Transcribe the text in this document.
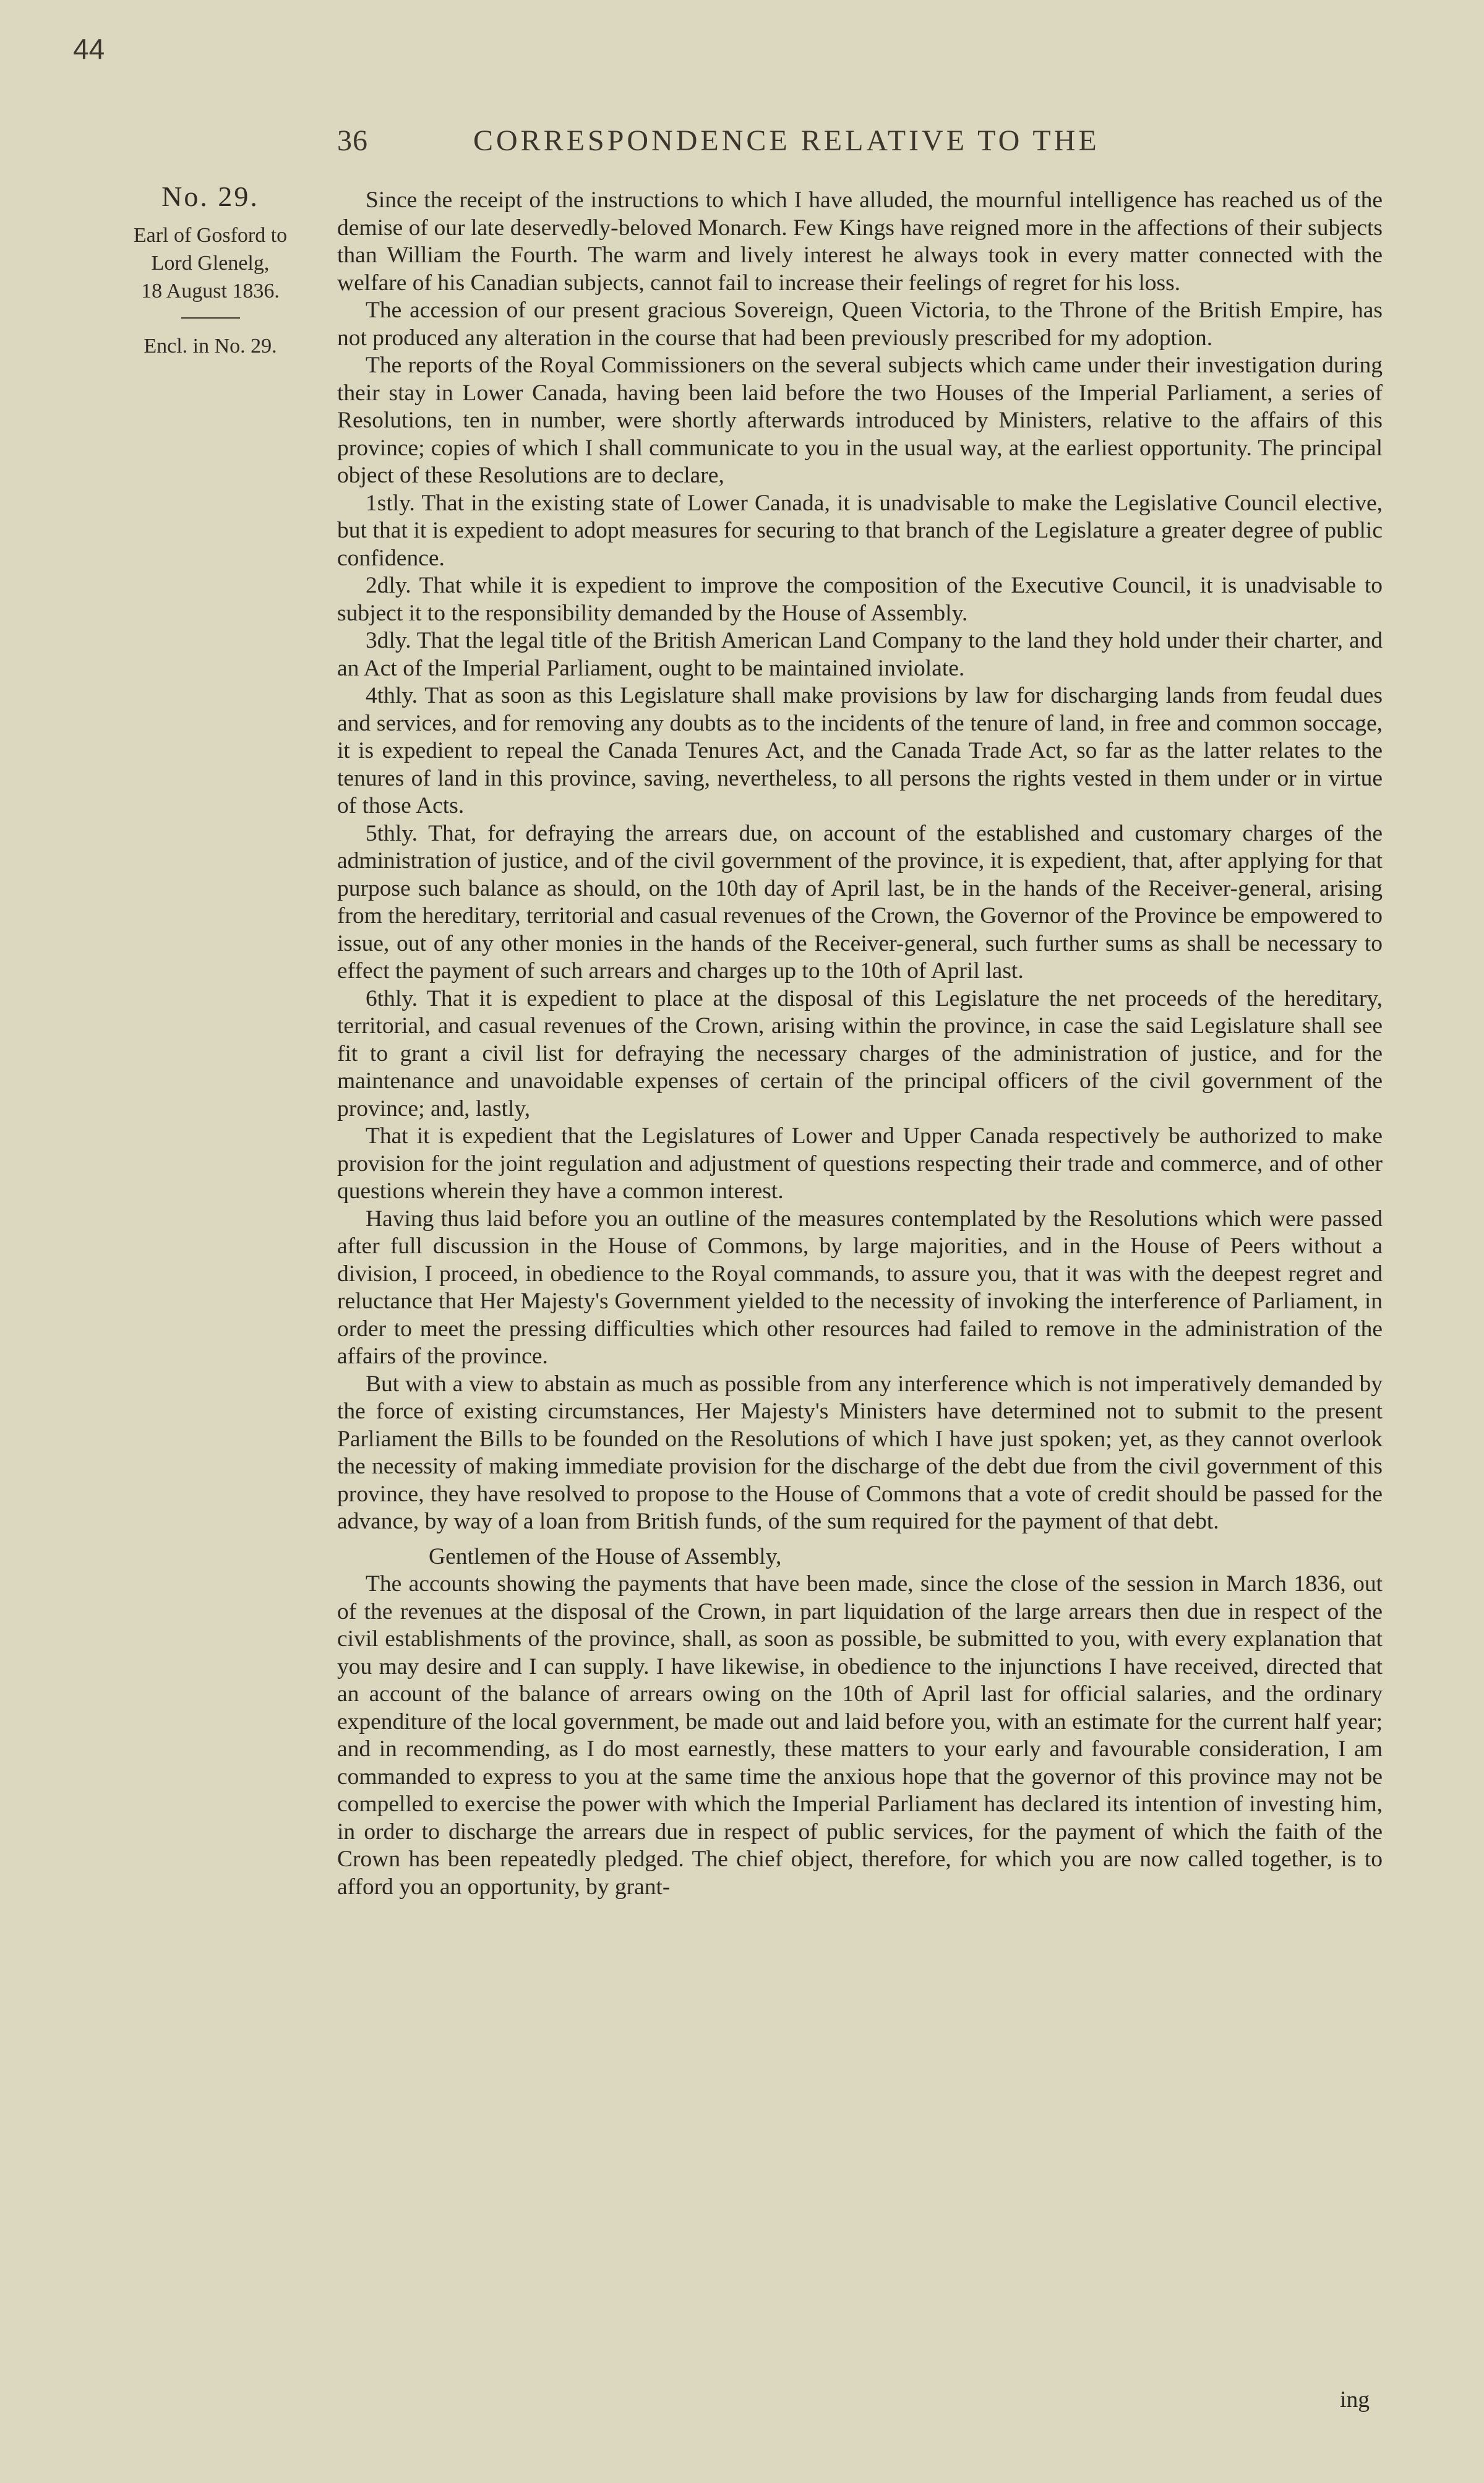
44
36	CORRESPONDENCE RELATIVE TO THE
No. 29.
Earl of Gosford to
Lord Glenelg,
18 August 1836.
Encl. in No. 29.

Since the receipt of the instructions to which I have alluded, the mournful intelligence has reached us of the demise of our late deservedly-beloved Monarch. Few Kings have reigned more in the affections of their subjects than William the Fourth. The warm and lively interest he always took in every matter connected with the welfare of his Canadian subjects, cannot fail to increase their feelings of regret for his loss.

The accession of our present gracious Sovereign, Queen Victoria, to the Throne of the British Empire, has not produced any alteration in the course that had been previously prescribed for my adoption.

The reports of the Royal Commissioners on the several subjects which came under their investigation during their stay in Lower Canada, having been laid before the two Houses of the Imperial Parliament, a series of Resolutions, ten in number, were shortly afterwards introduced by Ministers, relative to the affairs of this province; copies of which I shall communicate to you in the usual way, at the earliest opportunity. The principal object of these Resolutions are to declare,

1stly. That in the existing state of Lower Canada, it is unadvisable to make the Legislative Council elective, but that it is expedient to adopt measures for securing to that branch of the Legislature a greater degree of public confidence.

2dly. That while it is expedient to improve the composition of the Executive Council, it is unadvisable to subject it to the responsibility demanded by the House of Assembly.

3dly. That the legal title of the British American Land Company to the land they hold under their charter, and an Act of the Imperial Parliament, ought to be maintained inviolate.

4thly. That as soon as this Legislature shall make provisions by law for discharging lands from feudal dues and services, and for removing any doubts as to the incidents of the tenure of land, in free and common soccage, it is expedient to repeal the Canada Tenures Act, and the Canada Trade Act, so far as the latter relates to the tenures of land in this province, saving, nevertheless, to all persons the rights vested in them under or in virtue of those Acts.

5thly. That, for defraying the arrears due, on account of the established and customary charges of the administration of justice, and of the civil government of the province, it is expedient, that, after applying for that purpose such balance as should, on the 10th day of April last, be in the hands of the Receiver-general, arising from the hereditary, territorial and casual revenues of the Crown, the Governor of the Province be empowered to issue, out of any other monies in the hands of the Receiver-general, such further sums as shall be necessary to effect the payment of such arrears and charges up to the 10th of April last.

6thly. That it is expedient to place at the disposal of this Legislature the net proceeds of the hereditary, territorial, and casual revenues of the Crown, arising within the province, in case the said Legislature shall see fit to grant a civil list for defraying the necessary charges of the administration of justice, and for the maintenance and unavoidable expenses of certain of the principal officers of the civil government of the province; and, lastly,

That it is expedient that the Legislatures of Lower and Upper Canada respectively be authorized to make provision for the joint regulation and adjustment of questions respecting their trade and commerce, and of other questions wherein they have a common interest.

Having thus laid before you an outline of the measures contemplated by the Resolutions which were passed after full discussion in the House of Commons, by large majorities, and in the House of Peers without a division, I proceed, in obedience to the Royal commands, to assure you, that it was with the deepest regret and reluctance that Her Majesty's Government yielded to the necessity of invoking the interference of Parliament, in order to meet the pressing difficulties which other resources had failed to remove in the administration of the affairs of the province.

But with a view to abstain as much as possible from any interference which is not imperatively demanded by the force of existing circumstances, Her Majesty's Ministers have determined not to submit to the present Parliament the Bills to be founded on the Resolutions of which I have just spoken; yet, as they cannot overlook the necessity of making immediate provision for the discharge of the debt due from the civil government of this province, they have resolved to propose to the House of Commons that a vote of credit should be passed for the advance, by way of a loan from British funds, of the sum required for the payment of that debt.

Gentlemen of the House of Assembly,

The accounts showing the payments that have been made, since the close of the session in March 1836, out of the revenues at the disposal of the Crown, in part liquidation of the large arrears then due in respect of the civil establishments of the province, shall, as soon as possible, be submitted to you, with every explanation that you may desire and I can supply. I have likewise, in obedience to the injunctions I have received, directed that an account of the balance of arrears owing on the 10th of April last for official salaries, and the ordinary expenditure of the local government, be made out and laid before you, with an estimate for the current half year; and in recommending, as I do most earnestly, these matters to your early and favourable consideration, I am commanded to express to you at the same time the anxious hope that the governor of this province may not be compelled to exercise the power with which the Imperial Parliament has declared its intention of investing him, in order to discharge the arrears due in respect of public services, for the payment of which the faith of the Crown has been repeatedly pledged. The chief object, therefore, for which you are now called together, is to afford you an opportunity, by grant-

ing
